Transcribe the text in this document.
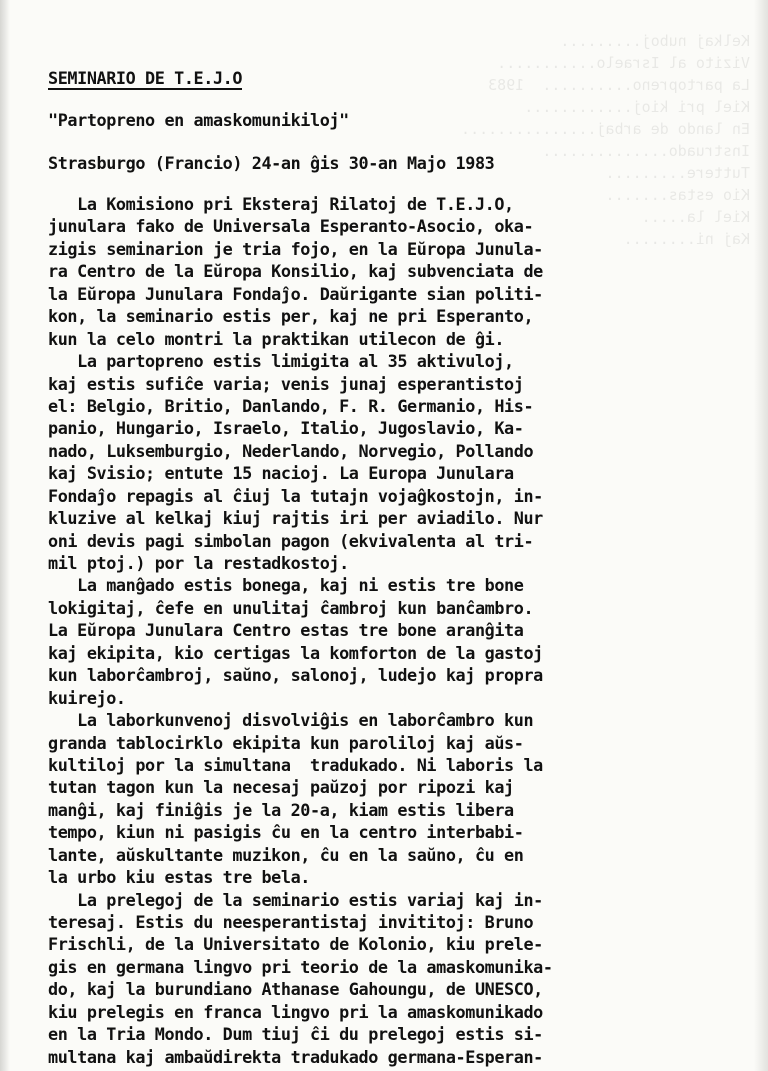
Kelkaj nuboj.........
Vizito al Israelo...........
La partopreno..........  1983
Kiel pri kioj............
En lando de arbaj...............
Instruado..............
Tuttere.........
Kio estas.......
Kiel la.....
Kaj ni........
SEMINARIO DE T.E.J.O
"Partopreno en amaskomunikiloj"
Strasburgo (Francio) 24-an ĝis 30-an Majo 1983
La Komisiono pri Eksteraj Rilatoj de T.E.J.O,
junulara fako de Universala Esperanto-Asocio, oka-
zigis seminarion je tria fojo, en la Eŭropa Junula-
ra Centro de la Eŭropa Konsilio, kaj subvenciata de
la Eŭropa Junulara Fondaĵo. Daŭrigante sian politi-
kon, la seminario estis per, kaj ne pri Esperanto,
kun la celo montri la praktikan utilecon de ĝi.
La partopreno estis limigita al 35 aktivuloj,
kaj estis sufiĉe varia; venis junaj esperantistoj
el: Belgio, Britio, Danlando, F. R. Germanio, His-
panio, Hungario, Israelo, Italio, Jugoslavio, Ka-
nado, Luksemburgio, Nederlando, Norvegio, Pollando
kaj Svisio; entute 15 nacioj. La Europa Junulara
Fondaĵo repagis al ĉiuj la tutajn vojaĝkostojn, in-
kluzive al kelkaj kiuj rajtis iri per aviadilo. Nur
oni devis pagi simbolan pagon (ekvivalenta al tri-
mil ptoj.) por la restadkostoj.
La manĝado estis bonega, kaj ni estis tre bone
lokigitaj, ĉefe en unulitaj ĉambroj kun banĉambro.
La Eŭropa Junulara Centro estas tre bone aranĝita
kaj ekipita, kio certigas la komforton de la gastoj
kun laborĉambroj, saŭno, salonoj, ludejo kaj propra
kuirejo.
La laborkunvenoj disvolviĝis en laborĉambro kun
granda tablocirklo ekipita kun paroliloj kaj aŭs-
kultiloj por la simultana  tradukado. Ni laboris la
tutan tagon kun la necesaj paŭzoj por ripozi kaj
manĝi, kaj finiĝis je la 20-a, kiam estis libera
tempo, kiun ni pasigis ĉu en la centro interbabi-
lante, aŭskultante muzikon, ĉu en la saŭno, ĉu en
la urbo kiu estas tre bela.
La prelegoj de la seminario estis variaj kaj in-
teresaj. Estis du neesperantistaj invititoj: Bruno
Frischli, de la Universitato de Kolonio, kiu prele-
gis en germana lingvo pri teorio de la amaskomunika-
do, kaj la burundiano Athanase Gahoungu, de UNESCO,
kiu prelegis en franca lingvo pri la amaskomunikado
en la Tria Mondo. Dum tiuj ĉi du prelegoj estis si-
multana kaj ambaŭdirekta tradukado germana-Esperan-
